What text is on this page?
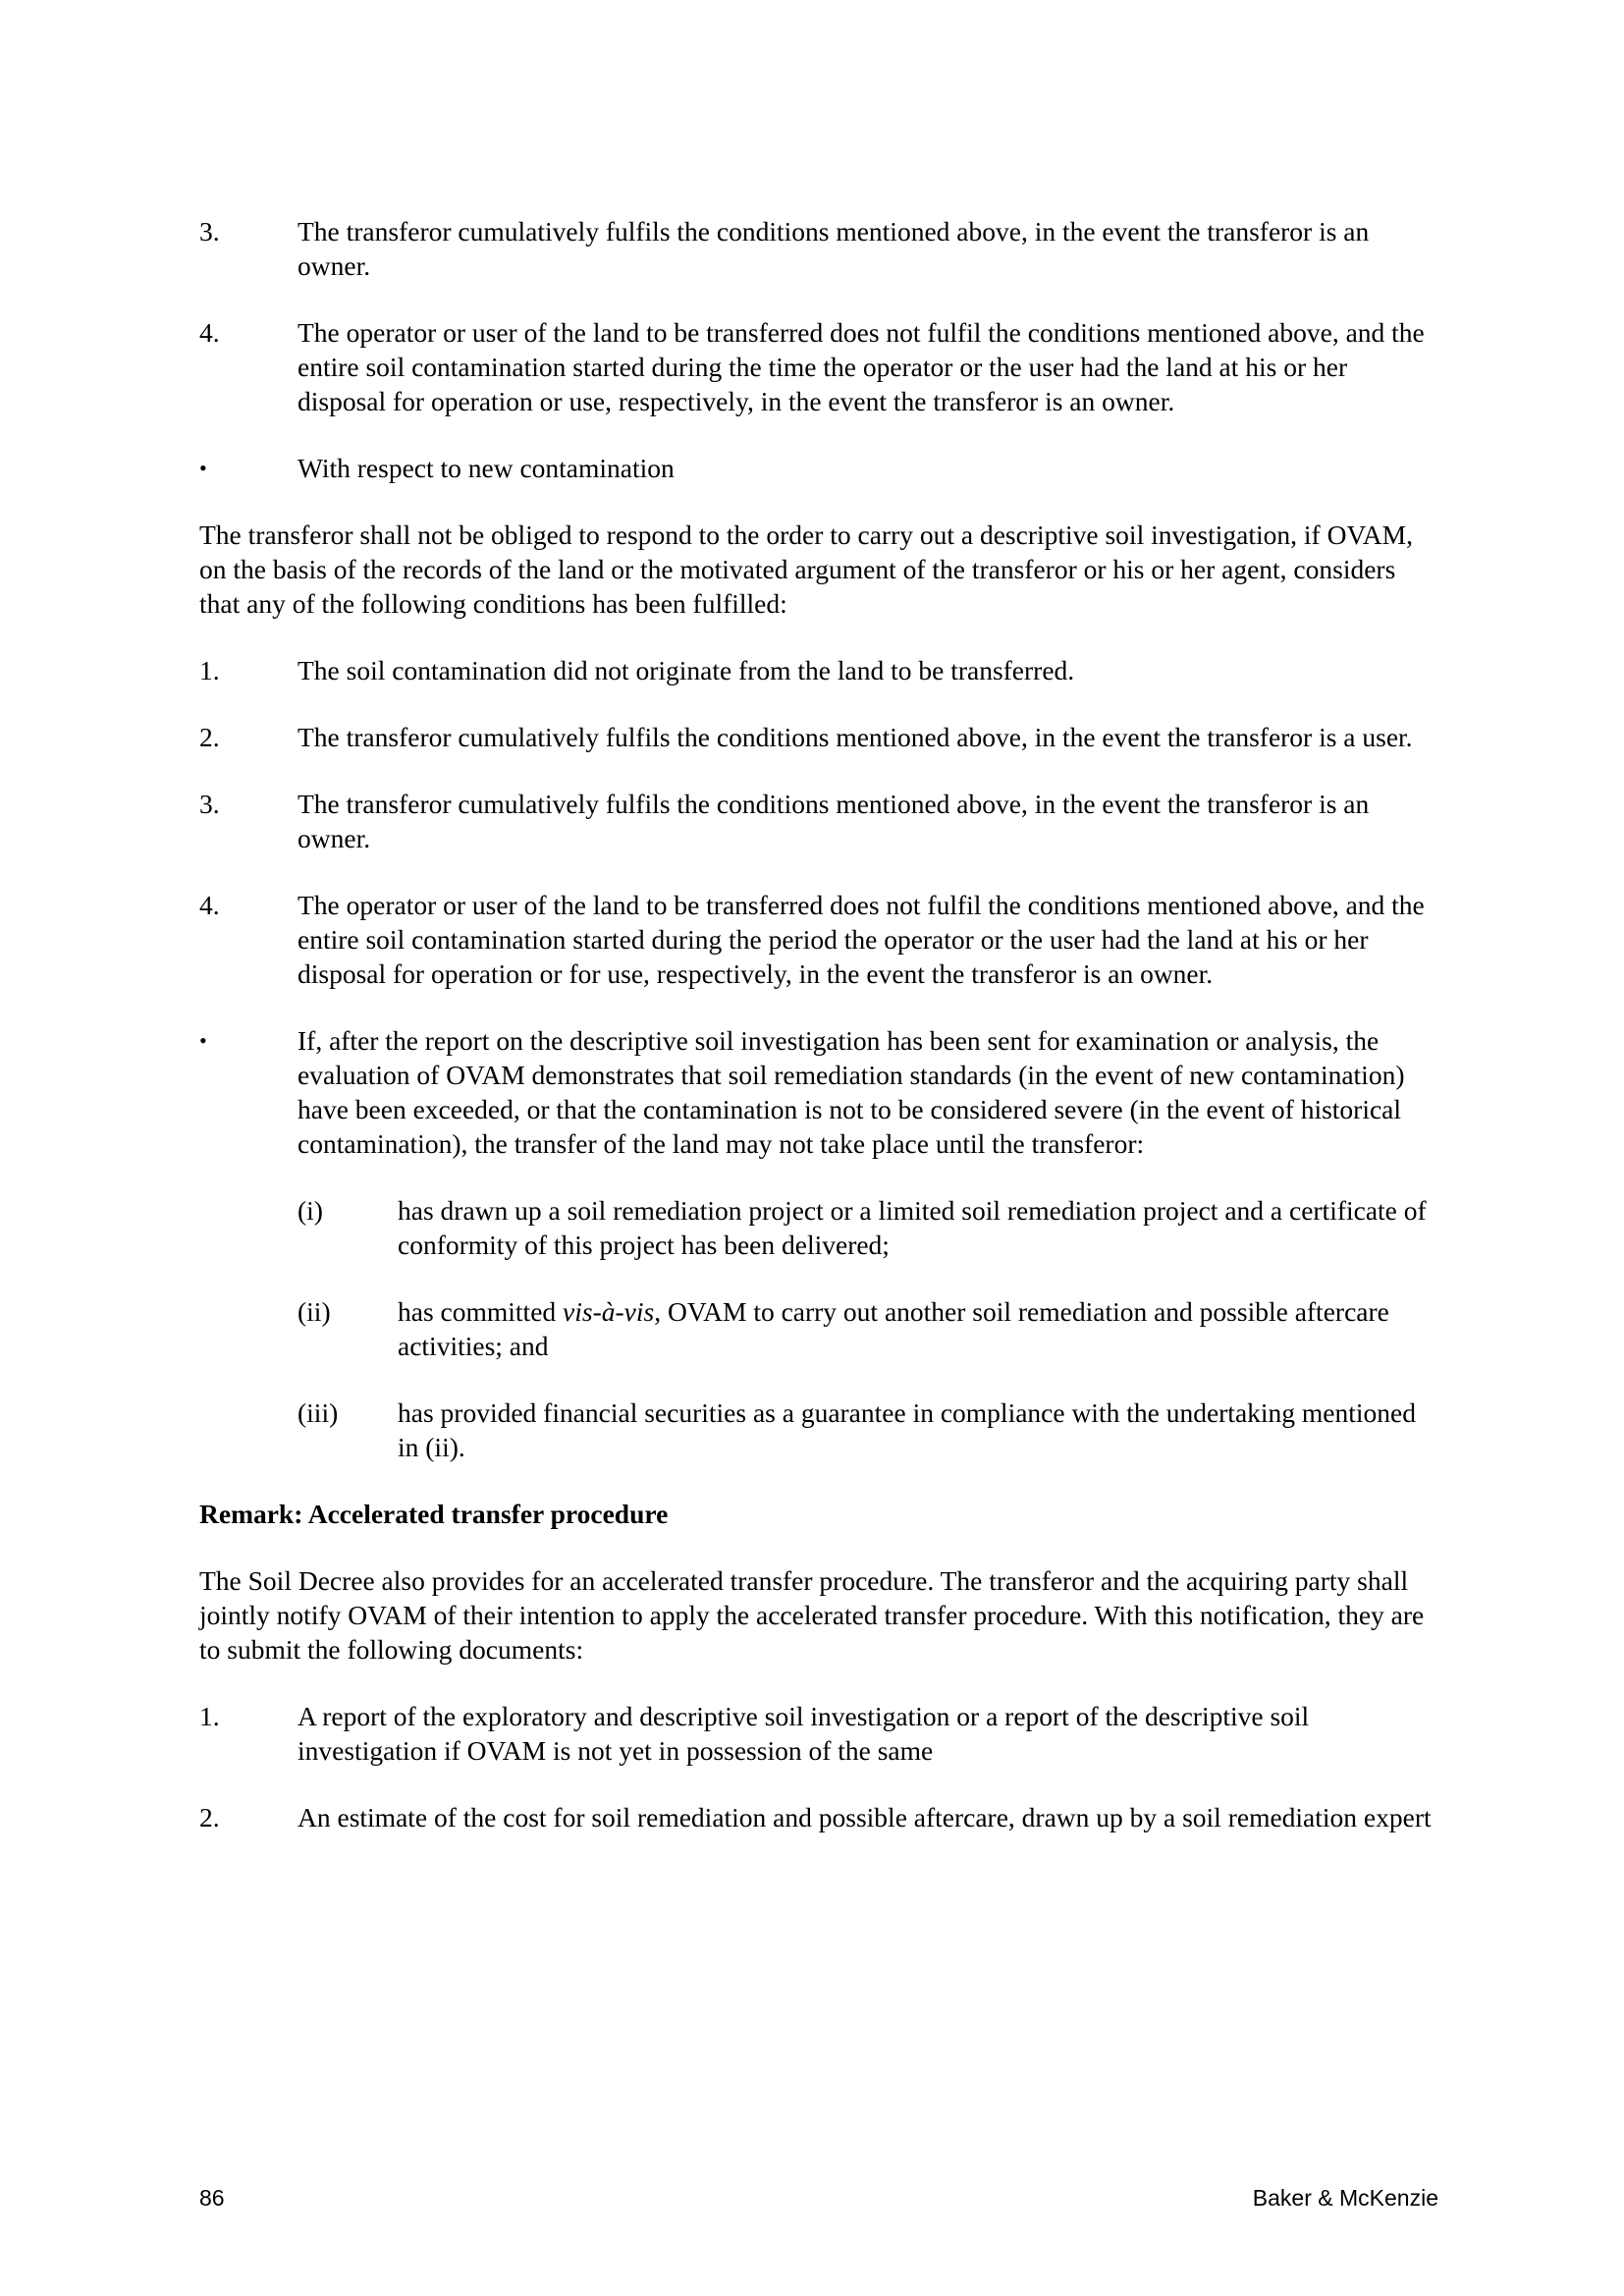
3.	The transferor cumulatively fulfils the conditions mentioned above, in the event the transferor is an owner.
4.	The operator or user of the land to be transferred does not fulfil the conditions mentioned above, and the entire soil contamination started during the time the operator or the user had the land at his or her disposal for operation or use, respectively, in the event the transferor is an owner.
•	With respect to new contamination

The transferor shall not be obliged to respond to the order to carry out a descriptive soil investigation, if OVAM, on the basis of the records of the land or the motivated argument of the transferor or his or her agent, considers that any of the following conditions has been fulfilled:

1.	The soil contamination did not originate from the land to be transferred.
2.	The transferor cumulatively fulfils the conditions mentioned above, in the event the transferor is a user.
3.	The transferor cumulatively fulfils the conditions mentioned above, in the event the transferor is an owner.
4.	The operator or user of the land to be transferred does not fulfil the conditions mentioned above, and the entire soil contamination started during the period the operator or the user had the land at his or her disposal for operation or for use, respectively, in the event the transferor is an owner.
•	If, after the report on the descriptive soil investigation has been sent for examination or analysis, the evaluation of OVAM demonstrates that soil remediation standards (in the event of new contamination) have been exceeded, or that the contamination is not to be considered severe (in the event of historical contamination), the transfer of the land may not take place until the transferor:
(i)	has drawn up a soil remediation project or a limited soil remediation project and a certificate of conformity of this project has been delivered;
(ii)	has committed vis-à-vis, OVAM to carry out another soil remediation and possible aftercare activities; and
(iii)	has provided financial securities as a guarantee in compliance with the undertaking mentioned in (ii).

Remark: Accelerated transfer procedure

The Soil Decree also provides for an accelerated transfer procedure. The transferor and the acquiring party shall jointly notify OVAM of their intention to apply the accelerated transfer procedure. With this notification, they are to submit the following documents:

1.	A report of the exploratory and descriptive soil investigation or a report of the descriptive soil investigation if OVAM is not yet in possession of the same
2.	An estimate of the cost for soil remediation and possible aftercare, drawn up by a soil remediation expert
86	Baker & McKenzie
